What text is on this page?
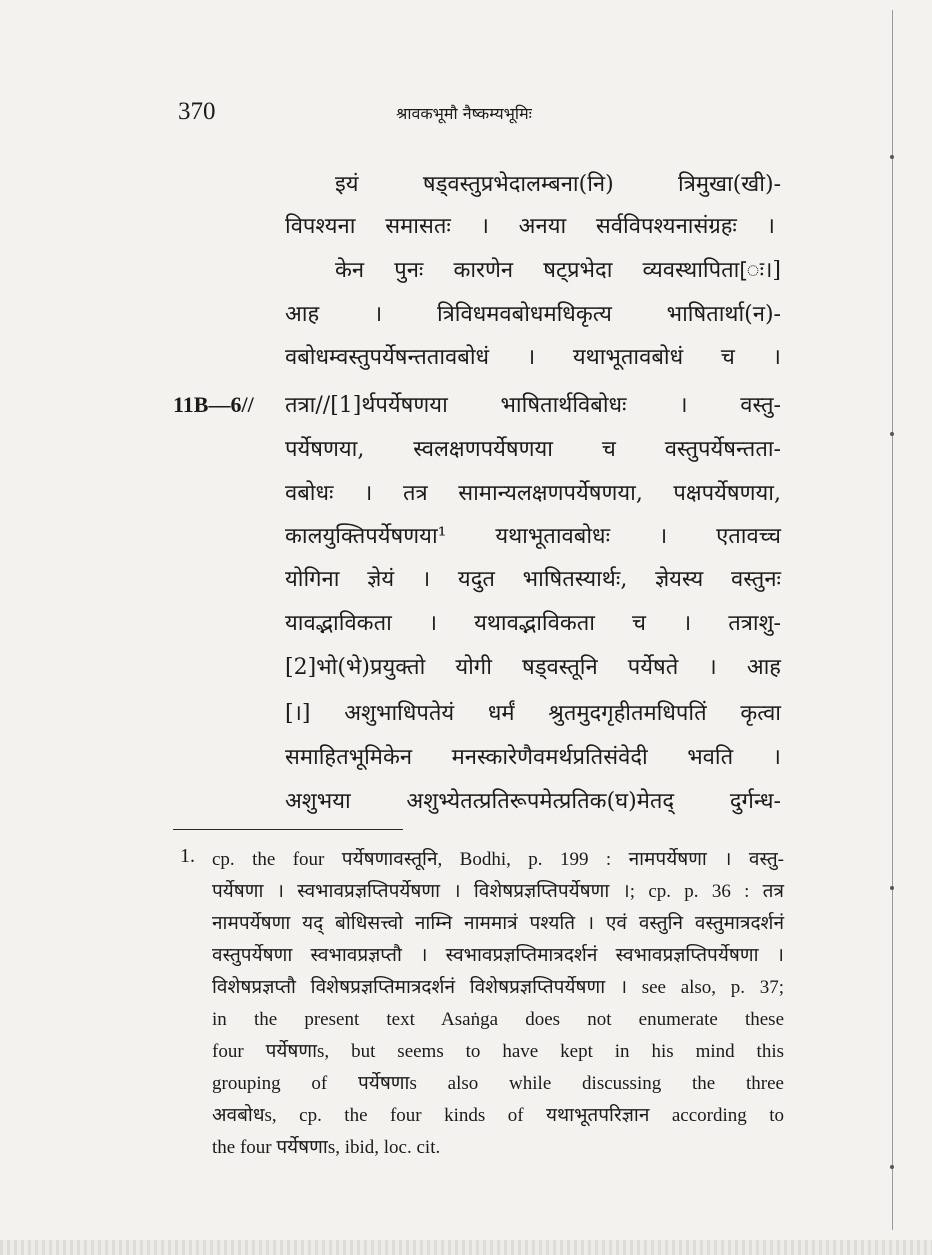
370	श्रावकभूमौ नैष्कम्यभूमिः
11B—6//
इयं षड्वस्तुप्रभेदालम्बना(नि) त्रिमुखा(खी)-
विपश्यना समासतः । अनया सर्वविपश्यनासंग्रहः ।
केन पुनः कारणेन षट्प्रभेदा व्यवस्थापिता[ः।]
आह । त्रिविधमवबोधमधिकृत्य भाषितार्था(न)-
वबोधम्वस्तुपर्येषन्ततावबोधं । यथाभूतावबोधं च ।
तत्रा//[1]र्थपर्येषणया भाषितार्थविबोधः । वस्तु-
पर्येषणया, स्वलक्षणपर्येषणया च वस्तुपर्येषन्तता-
वबोधः । तत्र सामान्यलक्षणपर्येषणया, पक्षपर्येषणया,
कालयुक्तिपर्येषणया¹ यथाभूतावबोधः । एतावच्च
योगिना ज्ञेयं । यदुत भाषितस्यार्थः, ज्ञेयस्य वस्तुनः
यावद्भाविकता । यथावद्भाविकता च । तत्राशु-
[2]भो(भे)प्रयुक्तो योगी षड्वस्तूनि पर्येषते । आह
[।] अशुभाधिपतेयं धर्मं श्रुतमुदगृहीतमधिपतिं कृत्वा
समाहितभूमिकेन मनस्कारेणैवमर्थप्रतिसंवेदी भवति ।
अशुभया अशुभ्येतत्प्रतिरूपमेत्प्रतिक(घ)मेतद् दुर्गन्ध-
1. cp. the four पर्येषणावस्तूनि, Bodhi, p. 199 : नामपर्येषणा । वस्तु-
पर्येषणा । स्वभावप्रज्ञप्तिपर्येषणा । विशेषप्रज्ञप्तिपर्येषणा ।; cp. p. 36 : तत्र
नामपर्येषणा यद् बोधिसत्त्वो नाम्नि नाममात्रं पश्यति । एवं वस्तुनि वस्तुमात्रदर्शनं
वस्तुपर्येषणा स्वभावप्रज्ञप्तौ । स्वभावप्रज्ञप्तिमात्रदर्शनं स्वभावप्रज्ञप्तिपर्येषणा ।
विशेषप्रज्ञप्तौ विशेषप्रज्ञप्तिमात्रदर्शनं विशेषप्रज्ञप्तिपर्येषणा । see also, p. 37;
in the present text Asaṅga does not enumerate these
four पर्येषणाs, but seems to have kept in his mind this
grouping of पर्येषणाs also while discussing the three
अवबोधs, cp. the four kinds of यथाभूतपरिज्ञान according to
the four पर्येषणाs, ibid, loc. cit.
